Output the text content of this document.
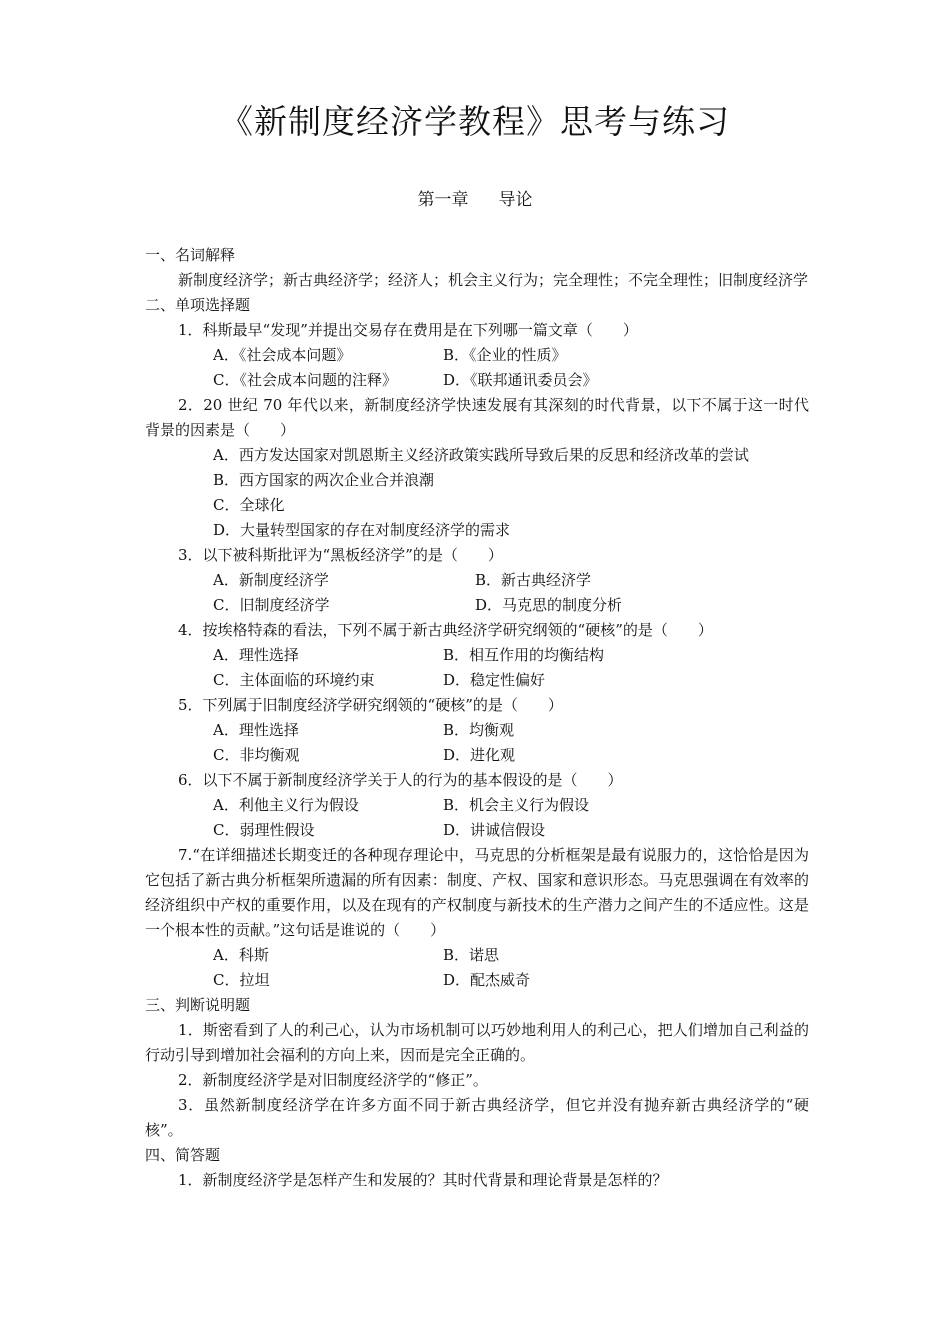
《新制度经济学教程》思考与练习
第一章 导论

一、名词解释

新制度经济学；新古典经济学；经济人；机会主义行为；完全理性；不完全理性；旧制度经济学

二、单项选择题

1．科斯最早“发现”并提出交易存在费用是在下列哪一篇文章（　　）

A．《社会成本问题》	B．《企业的性质》
C．《社会成本问题的注释》	D．《联邦通讯委员会》

2．20 世纪 70 年代以来，新制度经济学快速发展有其深刻的时代背景，以下不属于这一时代背景的因素是（　　）

A．西方发达国家对凯恩斯主义经济政策实践所导致后果的反思和经济改革的尝试

B．西方国家的两次企业合并浪潮

C．全球化

D．大量转型国家的存在对制度经济学的需求

3．以下被科斯批评为“黑板经济学”的是（　　）

A．新制度经济学	B．新古典经济学
C．旧制度经济学	D．马克思的制度分析

4．按埃格特森的看法，下列不属于新古典经济学研究纲领的“硬核”的是（　　）

A．理性选择	B．相互作用的均衡结构
C．主体面临的环境约束	D．稳定性偏好

5．下列属于旧制度经济学研究纲领的“硬核”的是（　　）

A．理性选择	B．均衡观
C．非均衡观	D．进化观

6．以下不属于新制度经济学关于人的行为的基本假设的是（　　）

A．利他主义行为假设	B．机会主义行为假设
C．弱理性假设	D．讲诚信假设

7.“在详细描述长期变迁的各种现存理论中，马克思的分析框架是最有说服力的，这恰恰是因为它包括了新古典分析框架所遗漏的所有因素：制度、产权、国家和意识形态。马克思强调在有效率的经济组织中产权的重要作用，以及在现有的产权制度与新技术的生产潜力之间产生的不适应性。这是一个根本性的贡献。”这句话是谁说的（　　）

A．科斯	B．诺思
C．拉坦	D．配杰威奇

三、判断说明题

1．斯密看到了人的利己心，认为市场机制可以巧妙地利用人的利己心，把人们增加自己利益的行动引导到增加社会福利的方向上来，因而是完全正确的。

2．新制度经济学是对旧制度经济学的“修正”。

3．虽然新制度经济学在许多方面不同于新古典经济学，但它并没有抛弃新古典经济学的“硬核”。

四、简答题

1．新制度经济学是怎样产生和发展的？其时代背景和理论背景是怎样的？
